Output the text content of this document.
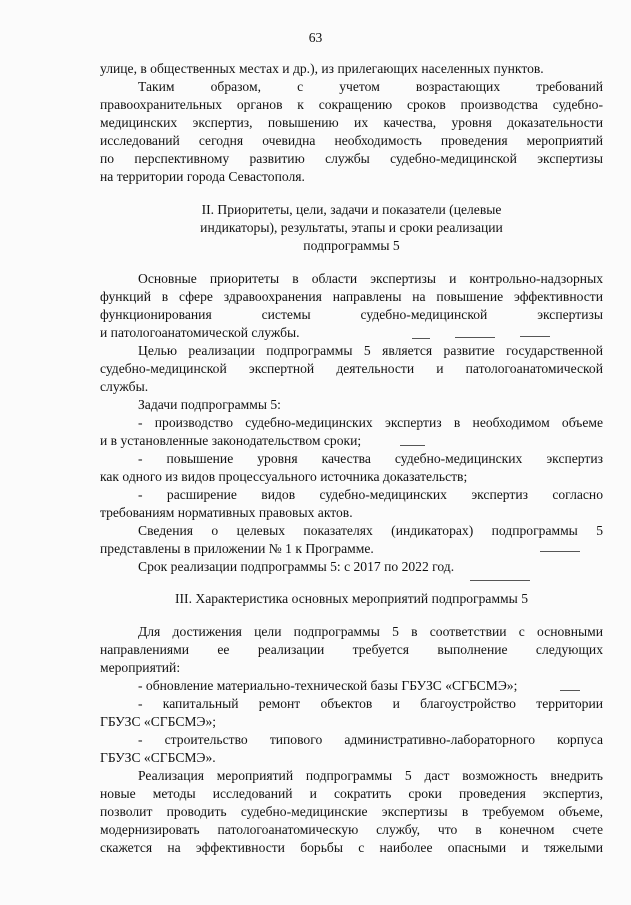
63
улице, в общественных местах и др.), из прилегающих населенных пунктов.
Таким образом, с учетом возрастающих требований
правоохранительных органов к сокращению сроков производства судебно-
медицинских экспертиз, повышению их качества, уровня доказательности
исследований сегодня очевидна необходимость проведения мероприятий
по перспективному развитию службы судебно-медицинской экспертизы
на территории города Севастополя.
II. Приоритеты, цели, задачи и показатели (целевые
индикаторы), результаты, этапы и сроки реализации
подпрограммы 5
Основные приоритеты в области экспертизы и контрольно-надзорных
функций в сфере здравоохранения направлены на повышение эффективности
функционирования системы судебно-медицинской экспертизы
и патологоанатомической службы.
Целью реализации подпрограммы 5 является развитие государственной
судебно-медицинской экспертной деятельности и патологоанатомической
службы.
Задачи подпрограммы 5:
- производство судебно-медицинских экспертиз в необходимом объеме
и в установленные законодательством сроки;
- повышение уровня качества судебно-медицинских экспертиз
как одного из видов процессуального источника доказательств;
- расширение видов судебно-медицинских экспертиз согласно
требованиям нормативных правовых актов.
Сведения о целевых показателях (индикаторах) подпрограммы 5
представлены в приложении № 1 к Программе.
Срок реализации подпрограммы 5: с 2017 по 2022 год.
III. Характеристика основных мероприятий подпрограммы 5
Для достижения цели подпрограммы 5 в соответствии с основными
направлениями ее реализации требуется выполнение следующих
мероприятий:
- обновление материально-технической базы ГБУЗС «СГБСМЭ»;
- капитальный ремонт объектов и благоустройство территории
ГБУЗС «СГБСМЭ»;
- строительство типового административно-лабораторного корпуса
ГБУЗС «СГБСМЭ».
Реализация мероприятий подпрограммы 5 даст возможность внедрить
новые методы исследований и сократить сроки проведения экспертиз,
позволит проводить судебно-медицинские экспертизы в требуемом объеме,
модернизировать патологоанатомическую службу, что в конечном счете
скажется на эффективности борьбы с наиболее опасными и тяжелыми
